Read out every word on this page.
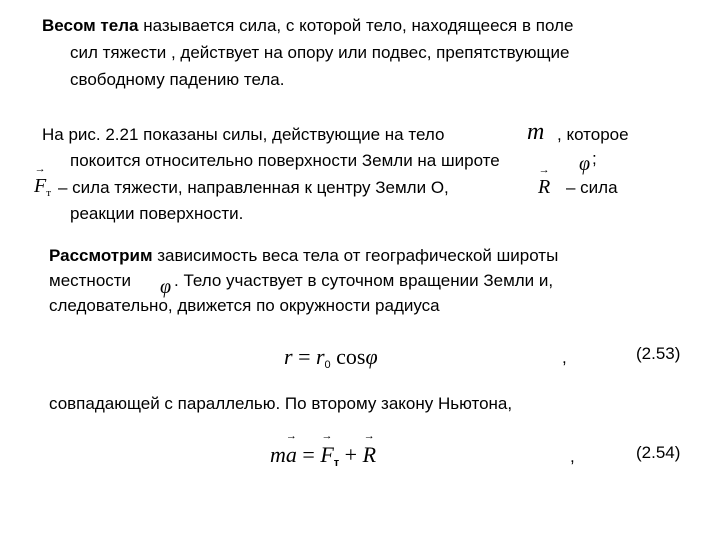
Весом тела называется сила, с которой тело, находящееся в поле
сил тяжести , действует на опору или подвес, препятствующие
свободному падению тела.
На рис. 2.21 показаны силы, действующие на тело	m , которое
покоится относительно поверхности Земли на широте	φ ;
→ $F_т$ – сила тяжести, направленная к центру Земли О,
→	R – сила
реакции поверхности.
Рассмотрим зависимость веса тела от географической широты
местности φ . Тело участвует в суточном вращении Земли и,
следовательно, движется по окружности радиуса
$r = r_0$ cosφ	,	(2.53)
совпадающей с параллелью. По второму закону Ньютона,
m→ a = → Fт + → R	,	(2.54)
